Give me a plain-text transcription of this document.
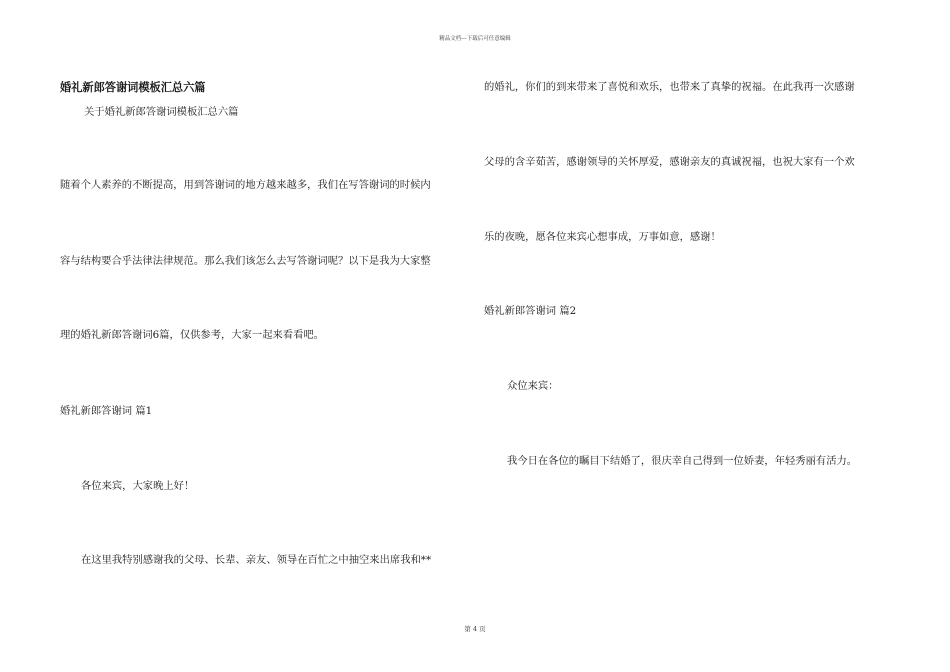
精品文档---下载后可任意编辑
婚礼新郎答谢词模板汇总六篇
关于婚礼新郎答谢词模板汇总六篇
随着个人素养的不断提高，用到答谢词的地方越来越多，我们在写答谢词的时候内
容与结构要合乎法律法律规范。那么我们该怎么去写答谢词呢？以下是我为大家整
理的婚礼新郎答谢词6篇，仅供参考，大家一起来看看吧。
婚礼新郎答谢词 篇1
各位来宾，大家晚上好！
在这里我特别感谢我的父母、长辈、亲友、领导在百忙之中抽空来出席我和**
的婚礼，你们的到来带来了喜悦和欢乐，也带来了真挚的祝福。在此我再一次感谢
父母的含辛茹苦，感谢领导的关怀厚爱，感谢亲友的真诚祝福，也祝大家有一个欢
乐的夜晚，愿各位来宾心想事成，万事如意，感谢！
婚礼新郎答谢词 篇2
众位来宾：
我今日在各位的瞩目下结婚了，很庆幸自己得到一位娇妻，年轻秀丽有活力。
第 4 页
